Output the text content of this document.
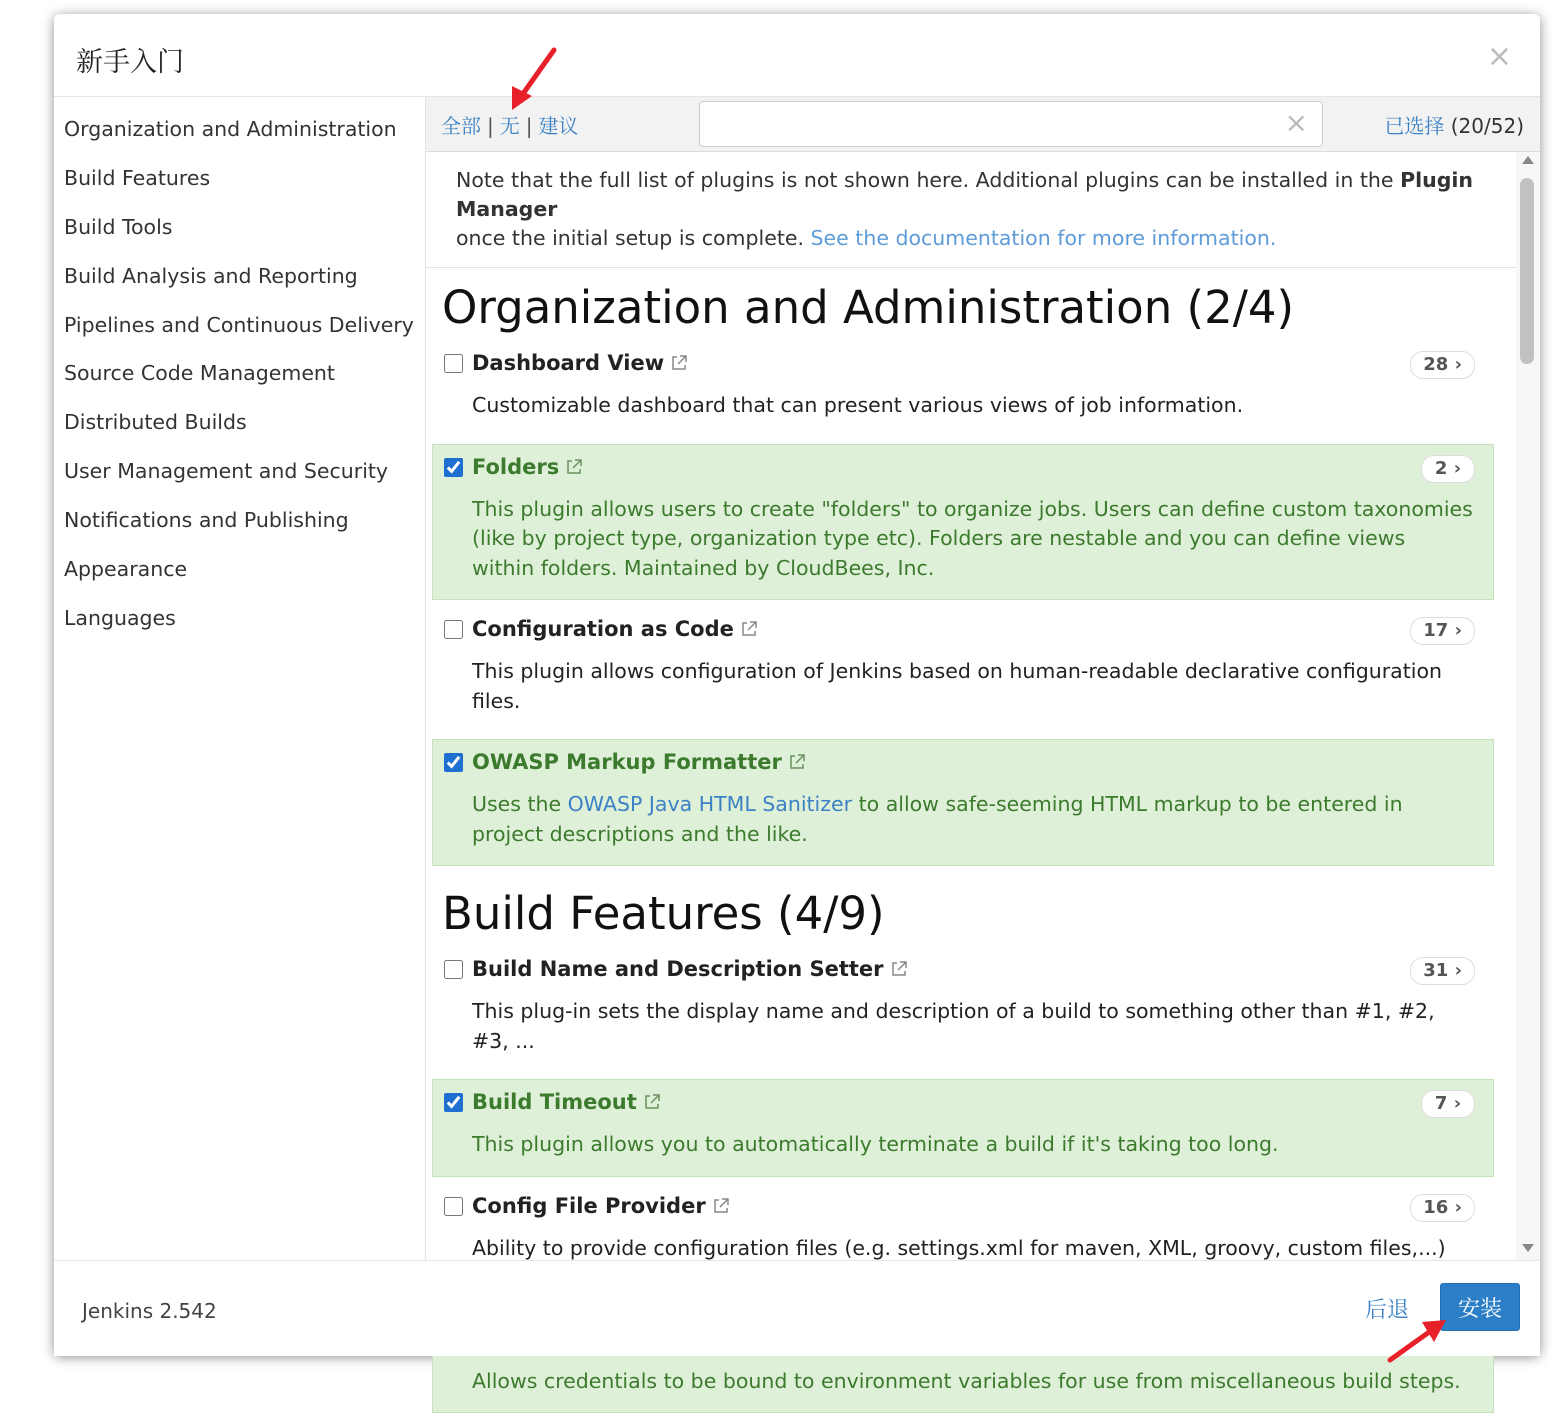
新手入门	×
Organization and Administration
Build Features
Build Tools
Build Analysis and Reporting
Pipelines and Continuous Delivery
Source Code Management
Distributed Builds
User Management and Security
Notifications and Publishing
Appearance
Languages
全部 | 无 | 建议	×	已选择 (20/52)
Note that the full list of plugins is not shown here. Additional plugins can be installed in the Plugin Manager
once the initial setup is complete. See the documentation for more information.
Organization and Administration (2/4)
Dashboard View	28 ›
Customizable dashboard that can present various views of job information.
Folders	2 ›
This plugin allows users to create "folders" to organize jobs. Users can define custom taxonomies (like by project type, organization type etc). Folders are nestable and you can define views within folders. Maintained by CloudBees, Inc.
Configuration as Code	17 ›
This plugin allows configuration of Jenkins based on human-readable declarative configuration files.
OWASP Markup Formatter
Uses the OWASP Java HTML Sanitizer to allow safe-seeming HTML markup to be entered in project descriptions and the like.
Build Features (4/9)
Build Name and Description Setter	31 ›
This plug-in sets the display name and description of a build to something other than #1, #2, #3, ...
Build Timeout	7 ›
This plugin allows you to automatically terminate a build if it's taking too long.
Config File Provider	16 ›
Ability to provide configuration files (e.g. settings.xml for maven, XML, groovy, custom files,...)
Allows credentials to be bound to environment variables for use from miscellaneous build steps.
Jenkins 2.542	后退	安装
